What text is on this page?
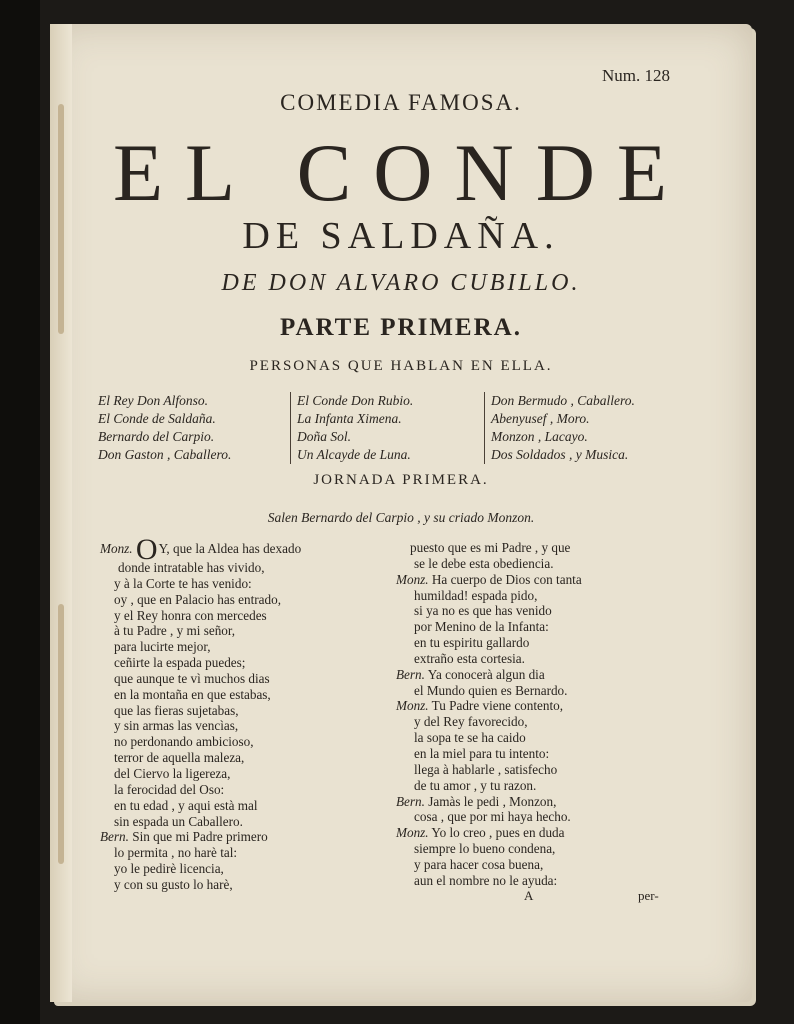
Num. 128
COMEDIA FAMOSA.
EL CONDE
DE SALDAÑA.
DE DON ALVARO CUBILLO.
PARTE PRIMERA.
PERSONAS QUE HABLAN EN ELLA.
El Rey Don Alfonso.
El Conde de Saldaña.
Bernardo del Carpio.
Don Gaston , Caballero.
El Conde Don Rubio.
La Infanta Ximena.
Doña Sol.
Un Alcayde de Luna.
Don Bermudo , Caballero.
Abenyusef , Moro.
Monzon , Lacayo.
Dos Soldados , y Musica.
JORNADA PRIMERA.
Salen Bernardo del Carpio , y su criado Monzon.
Monz. OY, que la Aldea has dexado
donde intratable has vivido,
y à la Corte te has venido:
oy , que en Palacio has entrado,
y el Rey honra con mercedes
à tu Padre , y mi señor,
para lucirte mejor,
ceñirte la espada puedes;
que aunque te vì muchos dias
en la montaña en que estabas,
que las fieras sujetabas,
y sin armas las vencìas,
no perdonando ambicioso,
terror de aquella maleza,
del Ciervo la ligereza,
la ferocidad del Oso:
en tu edad , y aqui està mal
sin espada un Caballero.
Bern. Sin que mi Padre primero
lo permita , no harè tal:
yo le pedirè licencia,
y con su gusto lo harè,
puesto que es mi Padre , y que
se le debe esta obediencia.
Monz. Ha cuerpo de Dios con tanta
humildad! espada pido,
si ya no es que has venido
por Menino de la Infanta:
en tu espiritu gallardo
extraño esta cortesia.
Bern. Ya conocerà algun dia
el Mundo quien es Bernardo.
Monz. Tu Padre viene contento,
y del Rey favorecido,
la sopa te se ha caido
en la miel para tu intento:
llega à hablarle , satisfecho
de tu amor , y tu razon.
Bern. Jamàs le pedi , Monzon,
cosa , que por mi haya hecho.
Monz. Yo lo creo , pues en duda
siempre lo bueno condena,
y para hacer cosa buena,
aun el nombre no le ayuda:
A	per-
